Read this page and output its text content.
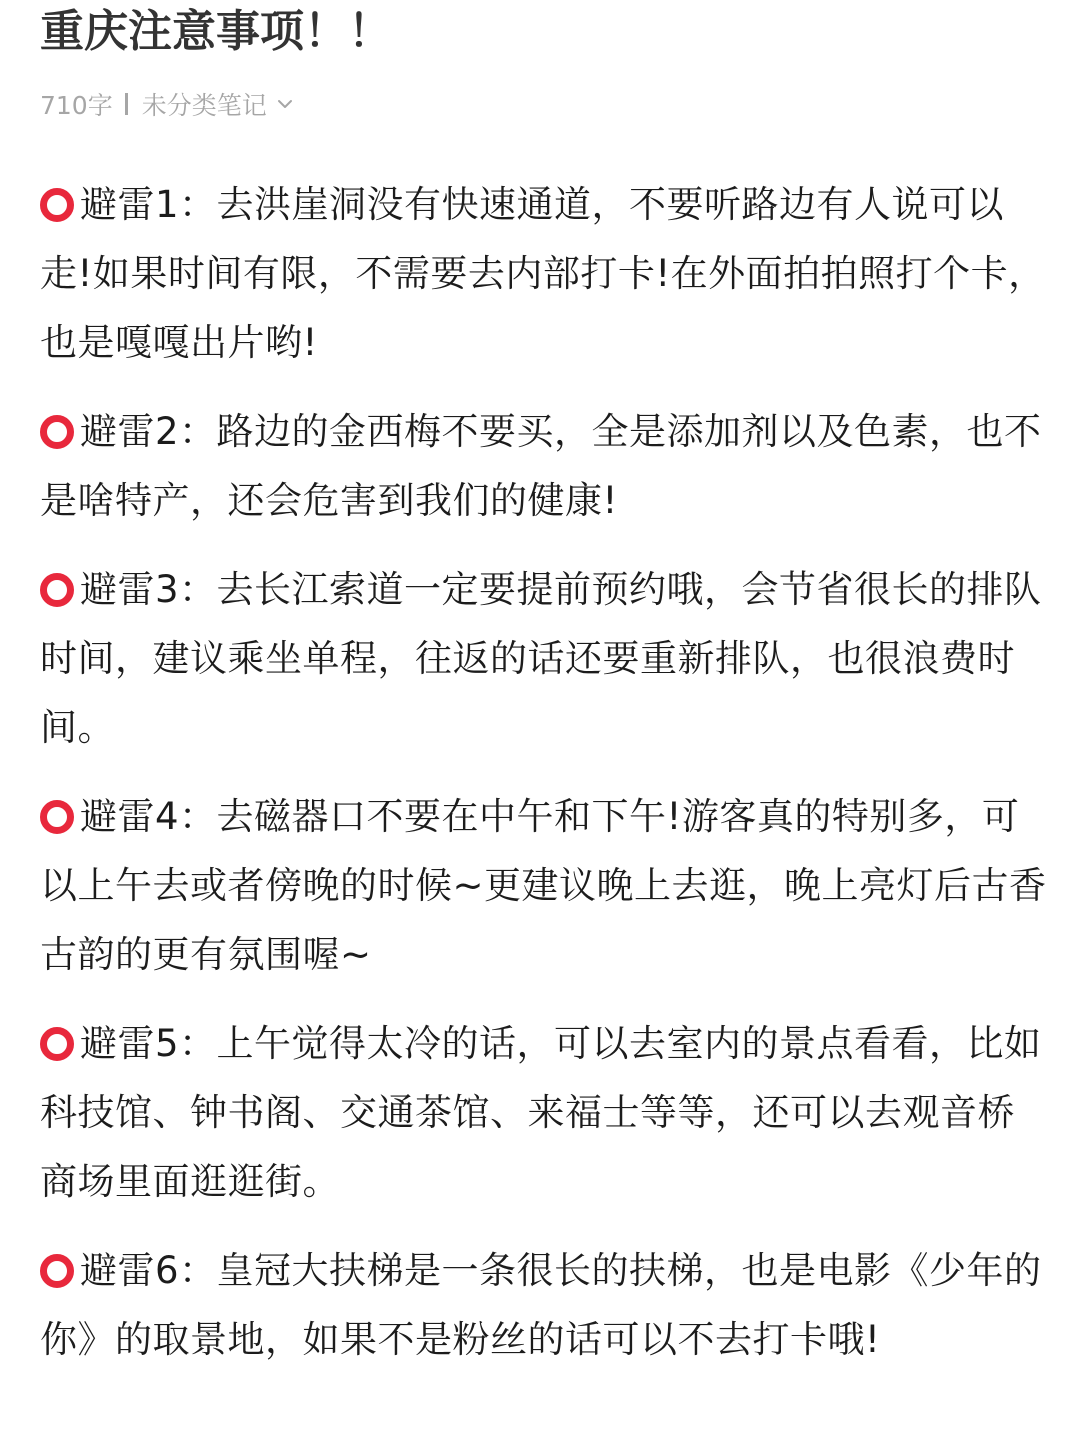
重庆注意事项！！
710字 未分类笔记

避雷1：去洪崖洞没有快速通道，不要听路边有人说可以走!如果时间有限，不需要去内部打卡!在外面拍拍照打个卡，也是嘎嘎出片哟!

避雷2：路边的金西梅不要买，全是添加剂以及色素，也不是啥特产，还会危害到我们的健康!

避雷3：去长江索道一定要提前预约哦，会节省很长的排队时间，建议乘坐单程，往返的话还要重新排队，也很浪费时间。

避雷4：去磁器口不要在中午和下午!游客真的特别多，可以上午去或者傍晚的时候~更建议晚上去逛，晚上亮灯后古香古韵的更有氛围喔~

避雷5：上午觉得太冷的话，可以去室内的景点看看，比如科技馆、钟书阁、交通茶馆、来福士等等，还可以去观音桥商场里面逛逛街。

避雷6：皇冠大扶梯是一条很长的扶梯，也是电影《少年的你》的取景地，如果不是粉丝的话可以不去打卡哦!
